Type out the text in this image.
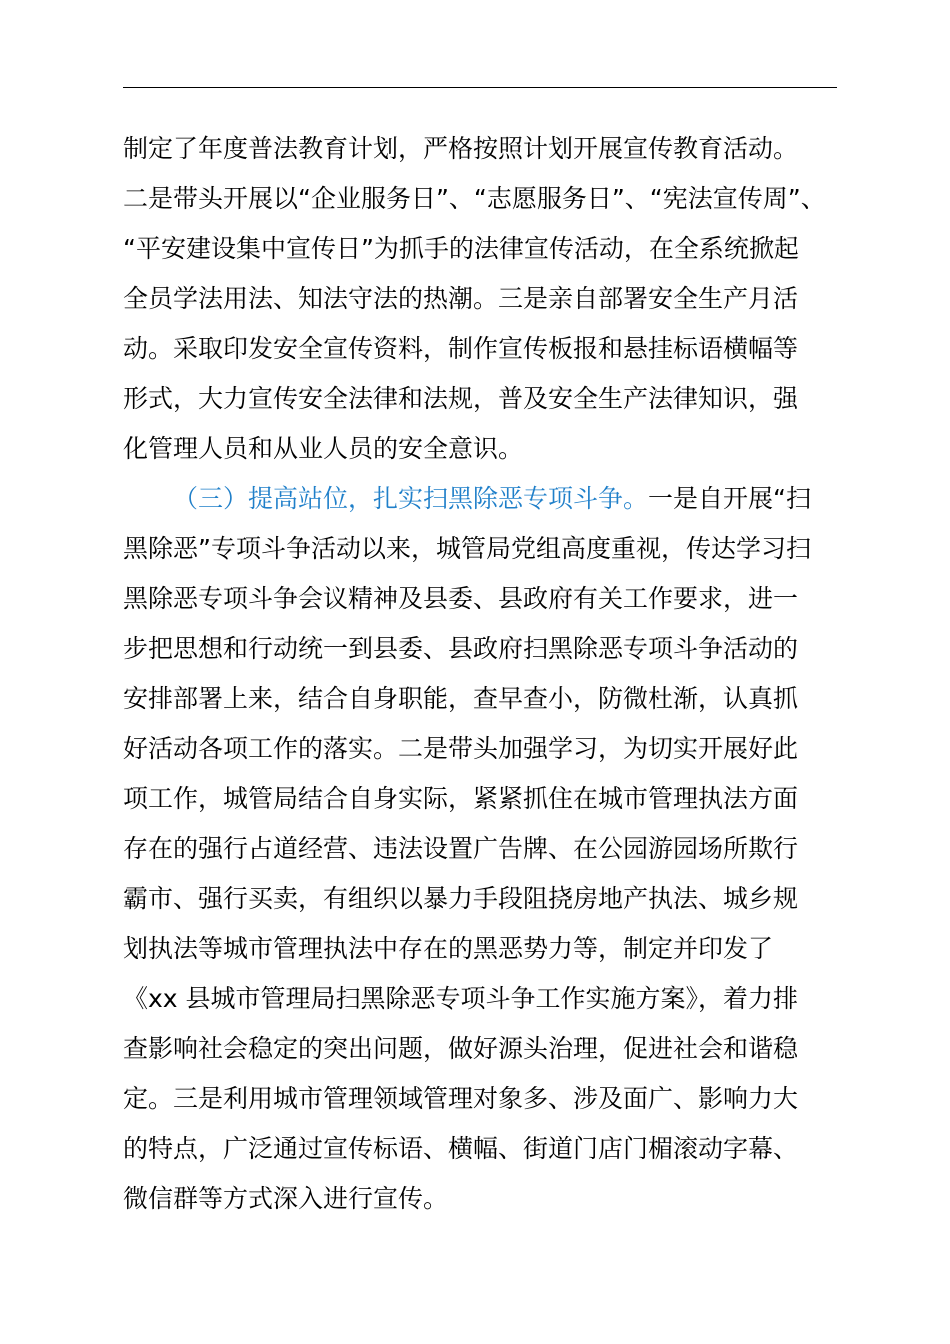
制定了年度普法教育计划，严格按照计划开展宣传教育活动。
二是带头开展以“企业服务日”、“志愿服务日”、“宪法宣传周”、
“平安建设集中宣传日”为抓手的法律宣传活动，在全系统掀起
全员学法用法、知法守法的热潮。三是亲自部署安全生产月活
动。采取印发安全宣传资料，制作宣传板报和悬挂标语横幅等
形式，大力宣传安全法律和法规，普及安全生产法律知识，强
化管理人员和从业人员的安全意识。
（三）提高站位，扎实扫黑除恶专项斗争。一是自开展“扫
黑除恶”专项斗争活动以来，城管局党组高度重视，传达学习扫
黑除恶专项斗争会议精神及县委、县政府有关工作要求，进一
步把思想和行动统一到县委、县政府扫黑除恶专项斗争活动的
安排部署上来，结合自身职能，查早查小，防微杜渐，认真抓
好活动各项工作的落实。二是带头加强学习，为切实开展好此
项工作，城管局结合自身实际，紧紧抓住在城市管理执法方面
存在的强行占道经营、违法设置广告牌、在公园游园场所欺行
霸市、强行买卖，有组织以暴力手段阻挠房地产执法、城乡规
划执法等城市管理执法中存在的黑恶势力等，制定并印发了
《xx 县城市管理局扫黑除恶专项斗争工作实施方案》，着力排
查影响社会稳定的突出问题，做好源头治理，促进社会和谐稳
定。三是利用城市管理领域管理对象多、涉及面广、影响力大
的特点，广泛通过宣传标语、横幅、街道门店门楣滚动字幕、
微信群等方式深入进行宣传。
